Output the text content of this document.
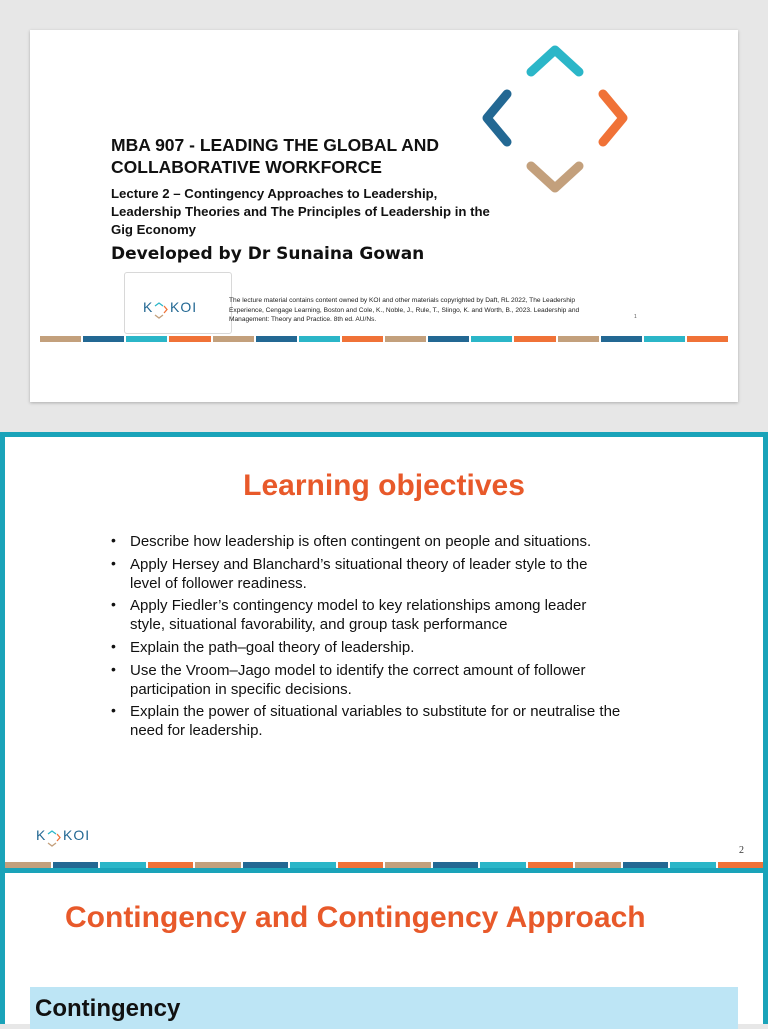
MBA 907 - LEADING THE GLOBAL AND COLLABORATIVE WORKFORCE
Lecture 2 – Contingency Approaches to Leadership, Leadership Theories and The Principles of Leadership in the Gig Economy
Developed by Dr Sunaina Gowan
K KOI	The lecture material contains content owned by KOI and other materials copyrighted by Daft, RL 2022, The Leadership Experience, Cengage Learning, Boston and Cole, K., Noble, J., Rule, T., Slingo, K. and Worth, B., 2023. Leadership and Management: Theory and Practice. 8th ed. AU/Ns.	1
Learning objectives
• Describe how leadership is often contingent on people and situations.
• Apply Hersey and Blanchard’s situational theory of leader style to the level of follower readiness.
• Apply Fiedler’s contingency model to key relationships among leader style, situational favorability, and group task performance
• Explain the path–goal theory of leadership.
• Use the Vroom–Jago model to identify the correct amount of follower participation in specific decisions.
• Explain the power of situational variables to substitute for or neutralise the need for leadership.
K KOI
2
Contingency and Contingency Approach
Contingency
